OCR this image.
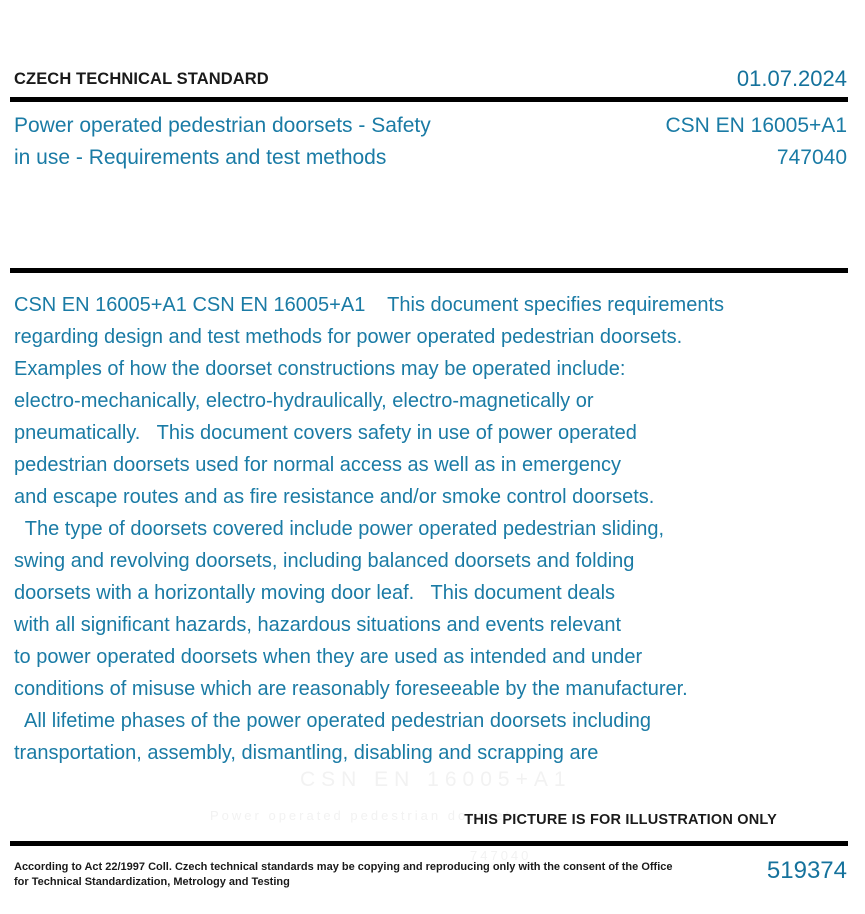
CSN EN 16005+A1
Power operated pedestrian doorsets
747040
CZECH TECHNICAL STANDARD	01.07.2024
Power operated pedestrian doorsets - Safety
in use - Requirements and test methods
CSN EN 16005+A1
747040

CSN EN 16005+A1 CSN EN 16005+A1    This document specifies requirements

regarding design and test methods for power operated pedestrian doorsets.

Examples of how the doorset constructions may be operated include:

electro-mechanically, electro-hydraulically, electro-magnetically or

pneumatically.   This document covers safety in use of power operated

pedestrian doorsets used for normal access as well as in emergency

and escape routes and as fire resistance and/or smoke control doorsets.

The type of doorsets covered include power operated pedestrian sliding,

swing and revolving doorsets, including balanced doorsets and folding

doorsets with a horizontally moving door leaf.   This document deals

with all significant hazards, hazardous situations and events relevant

to power operated doorsets when they are used as intended and under

conditions of misuse which are reasonably foreseeable by the manufacturer.

All lifetime phases of the power operated pedestrian doorsets including

transportation, assembly, dismantling, disabling and scrapping are

THIS PICTURE IS FOR ILLUSTRATION ONLY
According to Act 22/1997 Coll. Czech technical standards may be copying and reproducing only with the consent of the Office
for Technical Standardization, Metrology and Testing	519374
